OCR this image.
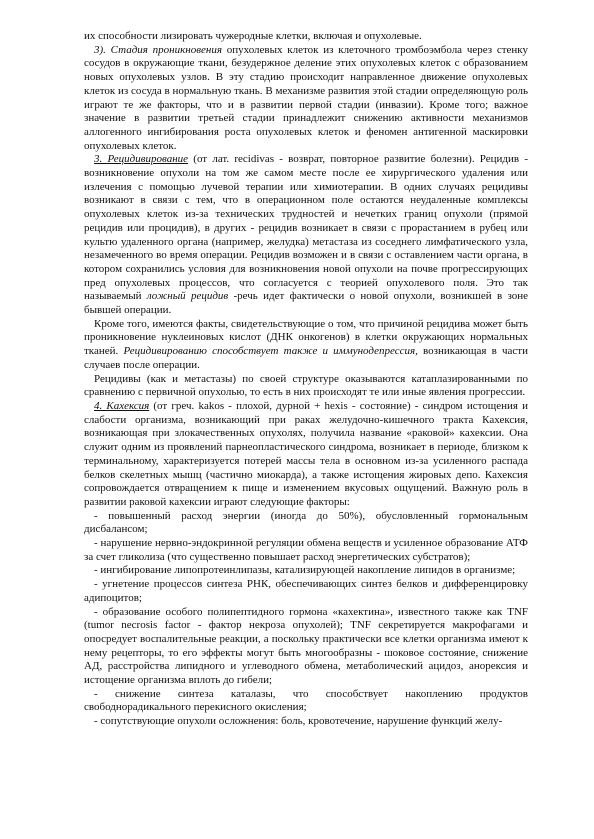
их способности лизировать чужеродные клетки, включая и опухолевые.

3). Стадия проникновения опухолевых клеток из клеточного тромбоэмбола через стенку сосудов в окружающие ткани, безудержное деление этих опухолевых клеток с образованием новых опухолевых узлов. В эту стадию происходит направленное движение опухолевых клеток из сосуда в нормальную ткань. В механизме развития этой стадии определяющую роль играют те же факторы, что и в развитии первой стадии (инвазии). Кроме того; важное значение в развитии третьей стадии принадлежит снижению активности механизмов аллогенного ингибирования роста опухолевых клеток и феномен антигенной маскировки опухолевых клеток.

3. Рецидивирование (от лат. recidivas - возврат, повторное развитие болезни). Рецидив - возникновение опухоли на том же самом месте после ее хирургического удаления или излечения с помощью лучевой терапии или химиотерапии. В одних случаях рецидивы возникают в связи с тем, что в операционном поле остаются неудаленные комплексы опухолевых клеток из-за технических трудностей и нечетких границ опухоли (прямой рецидив или процидив), в других - рецидив возникает в связи с прорастанием в рубец или культю удаленного органа (например, желудка) метастаза из соседнего лимфатического узла, незамеченного во время операции. Рецидив возможен и в связи с оставлением части органа, в котором сохранились условия для возникновения новой опухоли на почве прогрессирующих пред опухолевых процессов, что согласуется с теорией опухолевого поля. Это так называемый ложный рецидив -речь идет фактически о новой опухоли, возникшей в зоне бывшей операции.

Кроме того, имеются факты, свидетельствующие о том, что причиной рецидива может быть проникновение нуклеиновых кислот (ДНК онкогенов) в клетки окружающих нормальных тканей. Рецидивированию способствует также и иммунодепрессия, возникающая в части случаев после операции.

Рецидивы (как и метастазы) по своей структуре оказываются катаплазированными по сравнению с первичной опухолью, то есть в них происходят те или иные явления прогрессии.

4. Кахексия (от греч. kakos - плохой, дурной + hexis - состояние) - синдром истощения и слабости организма, возникающий при раках желудочно-кишечного тракта Кахексия, возникающая при злокачественных опухолях, получила название «раковой» кахексии. Она служит одним из проявлений парнеопластического синдрома, возникает в периоде, близком к терминальному, характеризуется потерей массы тела в основном из-за усиленного распада белков скелетных мышц (частично миокарда), а также истощения жировых депо. Кахексия сопровождается отвращением к пище и изменением вкусовых ощущений. Важную роль в развитии раковой кахексии играют следующие факторы:

- повышенный расход энергии (иногда до 50%), обусловленный гормональным дисбалансом;

- нарушение нервно-эндокринной регуляции обмена веществ и усиленное образование АТФ за счет гликолиза (что существенно повышает расход энергетических субстратов);

- ингибирование липопротеинлипазы, катализирующей накопление липидов в организме;

- угнетение процессов синтеза РНК, обеспечивающих синтез белков и дифференцировку адипоцитов;

- образование особого полипептидного гормона «кахектина», известного также как TNF (tumor necrosis factor - фактор некроза опухолей); TNF секретируется макрофагами и опосредует воспалительные реакции, а поскольку практически все клетки организма имеют к нему рецепторы, то его эффекты могут быть многообразны - шоковое состояние, снижение АД, расстройства липидного и углеводного обмена, метаболический ацидоз, анорексия и истощение организма вплоть до гибели;

- снижение синтеза каталазы, что способствует накоплению продуктов свободнорадикального перекисного окисления;

- сопутствующие опухоли осложнения: боль, кровотечение, нарушение функций желу-
